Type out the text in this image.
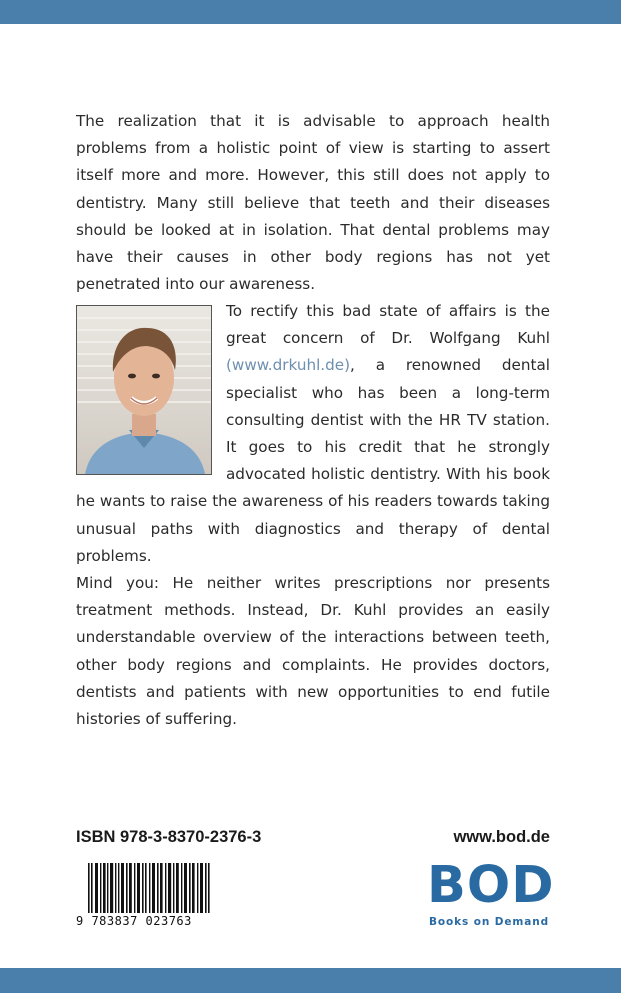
The realization that it is advisable to approach health problems from a holistic point of view is starting to assert itself more and more. However, this still does not apply to dentistry. Many still believe that teeth and their diseases should be looked at in isolation. That dental problems may have their causes in other body regions has not yet penetrated into our awareness.

To rectify this bad state of affairs is the great concern of Dr. Wolfgang Kuhl (www.drkuhl.de), a renowned dental specialist who has been a long-term consulting dentist with the HR TV station. It goes to his credit that he strongly advocated holistic dentistry. With his book he wants to raise the awareness of his readers towards taking unusual paths with diagnostics and therapy of dental problems.

Mind you: He neither writes prescriptions nor presents treatment methods. Instead, Dr. Kuhl provides an easily understandable overview of the interactions between teeth, other body regions and complaints. He provides doctors, dentists and patients with new opportunities to end futile histories of suffering.

ISBN 978-3-8370-2376-3	www.bod.de

9 783837 023763
BOD
Books on Demand
